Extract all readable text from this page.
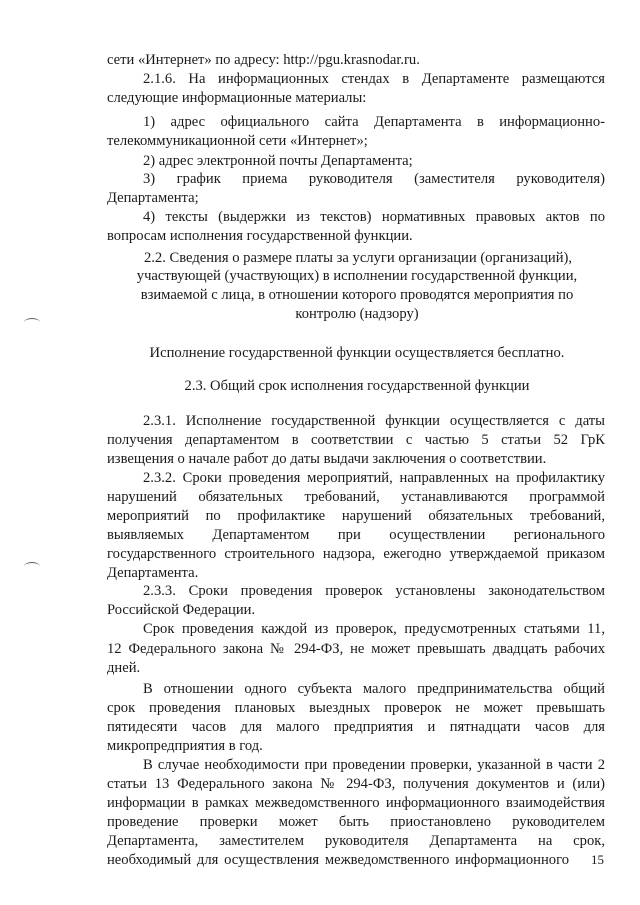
сети «Интернет» по адресу: http://pgu.krasnodar.ru.
2.1.6. На информационных стендах в Департаменте размещаются
следующие информационные материалы:
1) адрес официального сайта Департамента в информационно-
телекоммуникационной сети «Интернет»;
2) адрес электронной почты Департамента;
3) график приема руководителя (заместителя руководителя)
Департамента;
4) тексты (выдержки из текстов) нормативных правовых актов по
вопросам исполнения государственной функции.
2.2. Сведения о размере платы за услуги организации (организаций),
участвующей (участвующих) в исполнении государственной функции,
взимаемой с лица, в отношении которого проводятся мероприятия по
контролю (надзору)
Исполнение государственной функции осуществляется бесплатно.
2.3. Общий срок исполнения государственной функции
2.3.1. Исполнение государственной функции осуществляется с даты
получения департаментом в соответствии с частью 5 статьи 52 ГрК
извещения о начале работ до даты выдачи заключения о соответствии.
2.3.2. Сроки проведения мероприятий, направленных на профилактику
нарушений обязательных требований, устанавливаются программой
мероприятий по профилактике нарушений обязательных требований,
выявляемых Департаментом при осуществлении регионального
государственного строительного надзора, ежегодно утверждаемой приказом
Департамента.
2.3.3. Сроки проведения проверок установлены законодательством
Российской Федерации.
Срок проведения каждой из проверок, предусмотренных статьями 11,
12 Федерального закона № 294-ФЗ, не может превышать двадцать рабочих
дней.
В отношении одного субъекта малого предпринимательства общий
срок проведения плановых выездных проверок не может превышать
пятидесяти часов для малого предприятия и пятнадцати часов для
микропредприятия в год.
В случае необходимости при проведении проверки, указанной в части 2
статьи 13 Федерального закона № 294-ФЗ, получения документов и (или)
информации в рамках межведомственного информационного взаимодействия
проведение проверки может быть приостановлено руководителем
Департамента, заместителем руководителя Департамента на срок,
необходимый для осуществления межведомственного информационного	15
